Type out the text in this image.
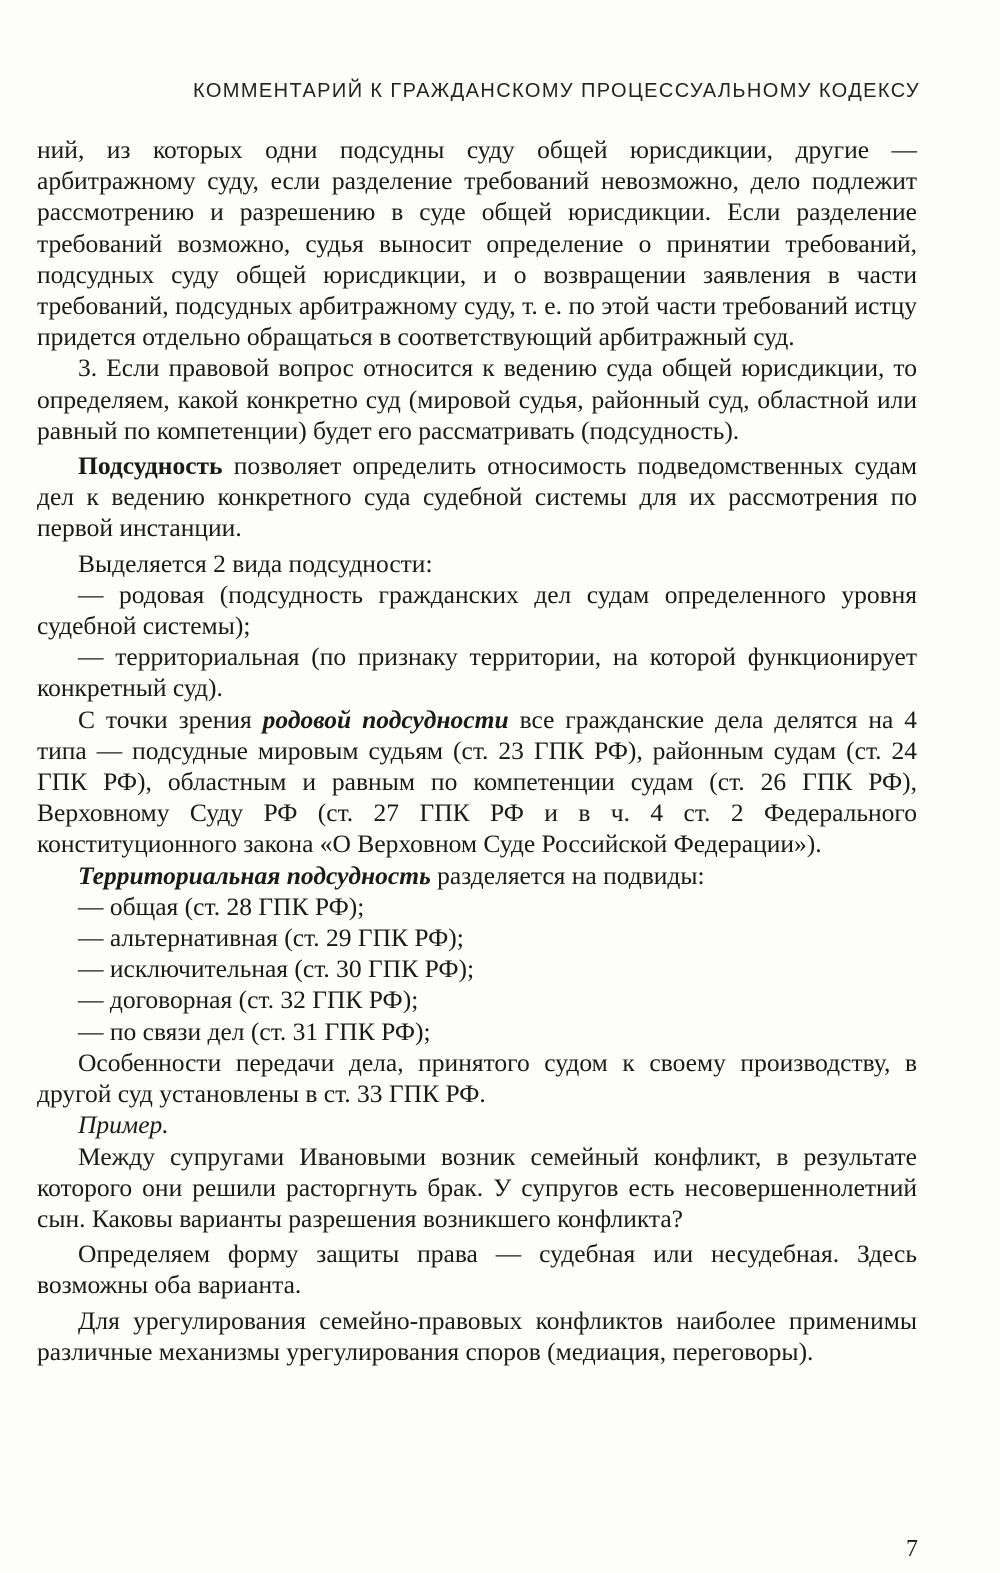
КОММЕНТАРИЙ К ГРАЖДАНСКОМУ ПРОЦЕССУАЛЬНОМУ КОДЕКСУ

ний, из которых одни подсудны суду общей юрисдикции, другие — арбитражному суду, если разделение требований невозможно, дело подлежит рассмотрению и разрешению в суде общей юрисдикции. Если разделение требований возможно, судья выносит определение о принятии требований, подсудных суду общей юрисдикции, и о возвращении заявления в части требований, подсудных арбитражному суду, т. е. по этой части требований истцу придется отдельно обращаться в соответствующий арбитражный суд.

3. Если правовой вопрос относится к ведению суда общей юрисдикции, то определяем, какой конкретно суд (мировой судья, районный суд, областной или равный по компетенции) будет его рассматривать (подсудность).

Подсудность позволяет определить относимость подведомственных судам дел к ведению конкретного суда судебной системы для их рассмотрения по первой инстанции.

Выделяется 2 вида подсудности:

— родовая (подсудность гражданских дел судам определенного уровня судебной системы);

— территориальная (по признаку территории, на которой функционирует конкретный суд).

С точки зрения родовой подсудности все гражданские дела делятся на 4 типа — подсудные мировым судьям (ст. 23 ГПК РФ), районным судам (ст. 24 ГПК РФ), областным и равным по компетенции судам (ст. 26 ГПК РФ), Верховному Суду РФ (ст. 27 ГПК РФ и в ч. 4 ст. 2 Федерального конституционного закона «О Верховном Суде Российской Федерации»).

Территориальная подсудность разделяется на подвиды:

— общая (ст. 28 ГПК РФ);

— альтернативная (ст. 29 ГПК РФ);

— исключительная (ст. 30 ГПК РФ);

— договорная (ст. 32 ГПК РФ);

— по связи дел (ст. 31 ГПК РФ);

Особенности передачи дела, принятого судом к своему производству, в другой суд установлены в ст. 33 ГПК РФ.

Пример.

Между супругами Ивановыми возник семейный конфликт, в результате которого они решили расторгнуть брак. У супругов есть несовершеннолетний сын. Каковы варианты разрешения возникшего конфликта?

Определяем форму защиты права — судебная или несудебная. Здесь возможны оба варианта.

Для урегулирования семейно-правовых конфликтов наиболее применимы различные механизмы урегулирования споров (медиация, переговоры).

7
